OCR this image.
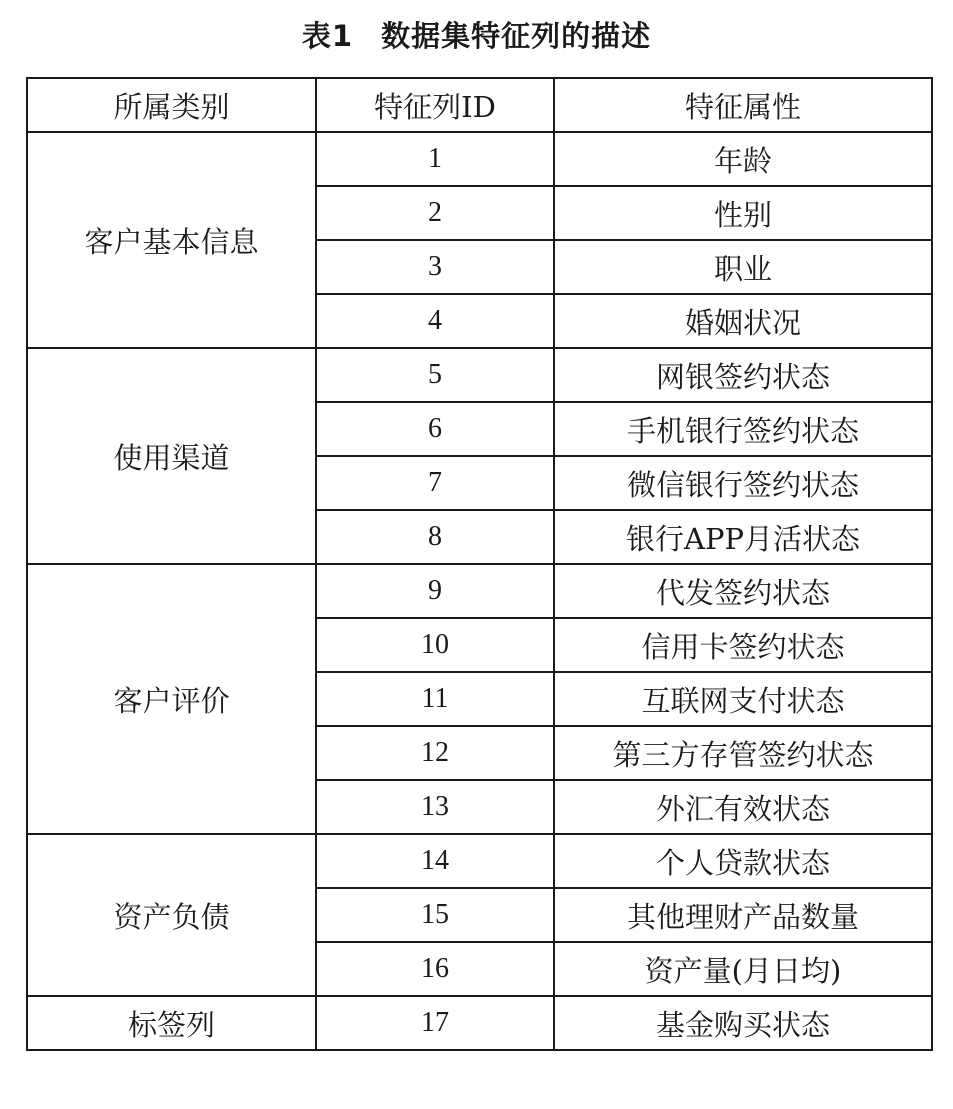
表1 数据集特征列的描述
所属类别	特征列ID	特征属性
客户基本信息	1	年龄
	2	性别
	3	职业
	4	婚姻状况
使用渠道	5	网银签约状态
	6	手机银行签约状态
	7	微信银行签约状态
	8	银行APP月活状态
客户评价	9	代发签约状态
	10	信用卡签约状态
	11	互联网支付状态
	12	第三方存管签约状态
	13	外汇有效状态
资产负债	14	个人贷款状态
	15	其他理财产品数量
	16	资产量(月日均)
标签列	17	基金购买状态
